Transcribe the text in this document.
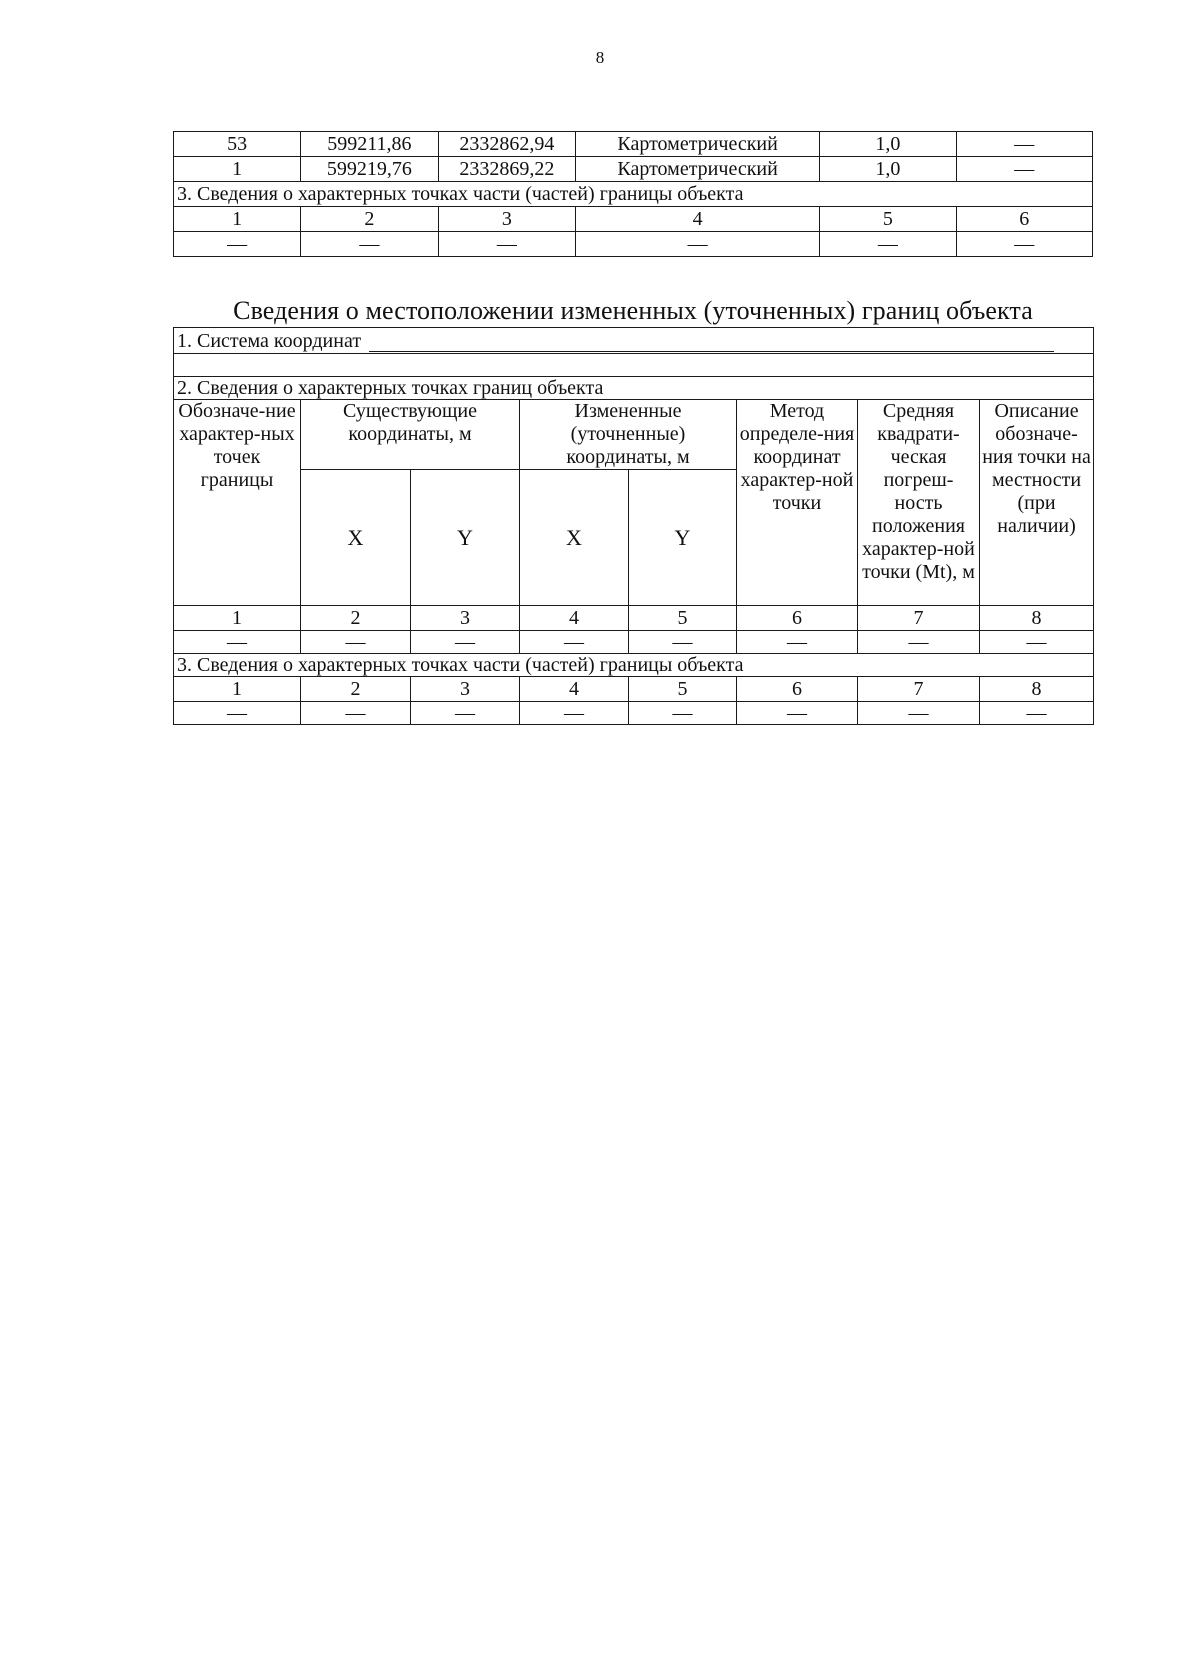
8
53	599211,86	2332862,94	Картометрический	1,0	—
1	599219,76	2332869,22	Картометрический	1,0	—
3. Сведения о характерных точках части (частей) границы объекта					
1	2	3	4	5	6
—	—	—	—	—	—
Сведения о местоположении измененных (уточненных) границ объекта
1. Система координат							

2. Сведения о характерных точках границ объекта							
Обозначе-ние характер-ных точек границы	Существующие координаты, м		Измененные (уточненные) координаты, м		Метод определе-ния координат характер-ной точки	Средняя квадрати-ческая погреш-ность положения характер-ной точки (Mt), м	Описание обозначе-ния точки на местности (при наличии)
	X	Y	X	Y			
1	2	3	4	5	6	7	8
—	—	—	—	—	—	—	—
3. Сведения о характерных точках части (частей) границы объекта							
1	2	3	4	5	6	7	8
—	—	—	—	—	—	—	—
